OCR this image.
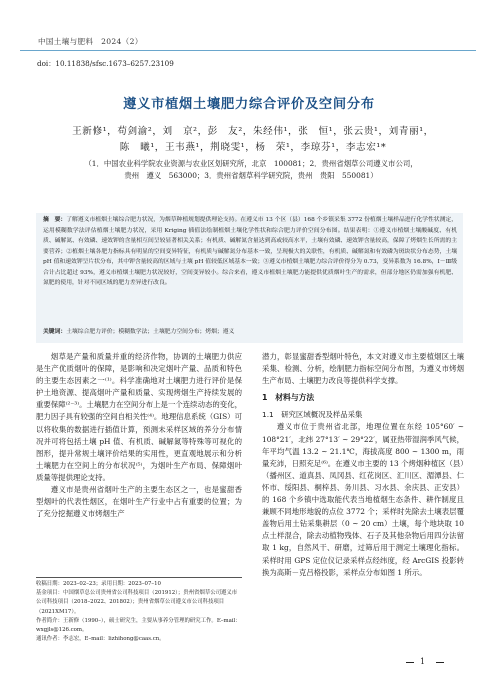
中国土壤与肥料　2024（2）
doi：10.11838/sfsc.1673–6257.23109
遵义市植烟土壤肥力综合评价及空间分布
王新修¹，苟剑渝²，刘　京²，彭　友²，朱经伟¹，张　恒¹，张云贵¹，刘青丽¹，
陈　曦¹，王韦燕¹，荆晓雯¹，杨　荣¹，李琼芬¹，李志宏¹*
（1．中国农业科学院农业资源与农业区划研究所，北京　100081；2．贵州省烟草公司遵义市公司，
贵州　遵义　563000；3．贵州省烟草科学研究院，贵州　贵阳　550081）
摘　要：了解遵义市植烟土壤综合肥力状况，为烟草种植规划提供理论支持。在遵义市 13 个区（县）168 个乡镇采集 3772 份植烟土壤样品进行化学性状测定，运用模糊数学法评估植烟土壤肥力状况，采用 Kriging 插值法绘制植烟土壤化学性状和综合肥力评价空间分布图。结果表明：①遵义市植烟土壤酸碱度、有机质、碱解氮、有效磷、速效钾的含量相互间呈较显著相关关系；有机质、碱解氮含量达到高或较高水平，土壤有效磷、速效钾含量较高，保障了烤烟生长所需的主要营养；②植烟土壤各肥力指标具有明显的空间变异特征，有机质与碱解氮分布基本一致，呈现极大的关联性，有机质、碱解氮和有效磷为斑块状分布态势，土壤 pH 值和速效钾呈片状分布，其中钾含量较高的区域与土壤 pH 值较低区域基本一致；③遵义市植烟土壤肥力综合评价得分为 0.73，变异系数为 16.8%，Ⅰ－Ⅲ级合计占比超过 93%，遵义市植烟土壤肥力状况较好，空间变异较小。综合来看，遵义市植烟土壤肥力能提供优质烟叶生产的需求，但部分地区仍需加强有机肥、氮肥的使用，针对不同区域的肥力差异进行改良。
关键词：土壤综合肥力评价；模糊数学法；土壤肥力空间分布；烤烟；遵义

烟草是产量和质量并重的经济作物，协调的土壤肥力供应是生产优质烟叶的保障，是影响和决定烟叶产量、品质和特色的主要生态因素之一⁽¹⁾。科学准确地对土壤肥力进行评价是保护土地资源、提高烟叶产量和质量、实现烤烟生产持续发展的重要保障⁽²⁻³⁾。土壤肥力在空间分布上是一个连续动态的变化，肥力因子具有较强的空间自相关性⁽⁴⁾。地理信息系统（GIS）可以将收集的数据进行插值计算，预测未采样区域的养分分布情况并可将包括土壤 pH 值、有机质、碱解氮等特殊等可视化的图形，提升常规土壤评价结果的实用性，更直观地展示和分析土壤肥力在空间上的分布状况⁽⁵⁾，为烟叶生产布局、保障烟叶质量等提供理论支持。

遵义市是贵州省烟叶生产的主要生态区之一，也是蜜甜香型烟叶的代表性烟区，在烟叶生产行业中占有重要的位置；为了充分挖掘遵义市烤烟生产

潜力，彰显蜜甜香型烟叶特色，本文对遵义市主要植烟区土壤采集、检测、分析，绘制肥力指标空间分布图，为遵义市烤烟生产布局、土壤肥力改良等提供科学支撑。

1　材料与方法

1.1　研究区域概况及样品采集

遵义市位于贵州省北部，地理位置在东经 105°60′ ~ 108°21′，北纬 27°13′ ~ 29°22′，属亚热带湿润季风气候，年平均气温 13.2 ~ 21.1℃，海拔高度 800 ~ 1300 m，雨量充沛，日照充足⁽⁶⁾。在遵义市主要的 13 个烤烟种植区（县）（播州区、道真县、凤冈县、红花岗区、汇川区、湄潭县、仁怀市、绥阳县、桐梓县、务川县、习水县、余庆县、正安县）的 168 个乡镇中选取能代表当地植烟生态条件、耕作制度且兼顾不同地形地貌的点位 3772 个；采样时先除去土壤表层覆盖物后用土钻采集耕层（0 ~ 20 cm）土壤，每个地块取 10 点土样混合，除去动植物残体、石子及其他杂物后用四分法留取 1 kg，自然风干、研磨，过筛后用于测定土壤理化指标。采样时用 GPS 定位仪记录采样点经纬度，经 ArcGIS 投影转换为高斯－克吕格投影，采样点分布如图 1 所示。

收稿日期：2023–02–23；录用日期：2023–07–10
基金项目：中国烟草总公司贵州省公司科技项目（201912）；贵州省烟草公司遵义市公司科技项目（2018–2022、201802）；贵州省烟草公司遵义市公司科技项目（2021XM17）。
作者简介：王新修（1990–），硕士研究生，主要从事养分管理的研究工作。E–mail：wxgjls@126.com。
通讯作者：李志宏，E–mail：lizhihong@caas.cn。
1
